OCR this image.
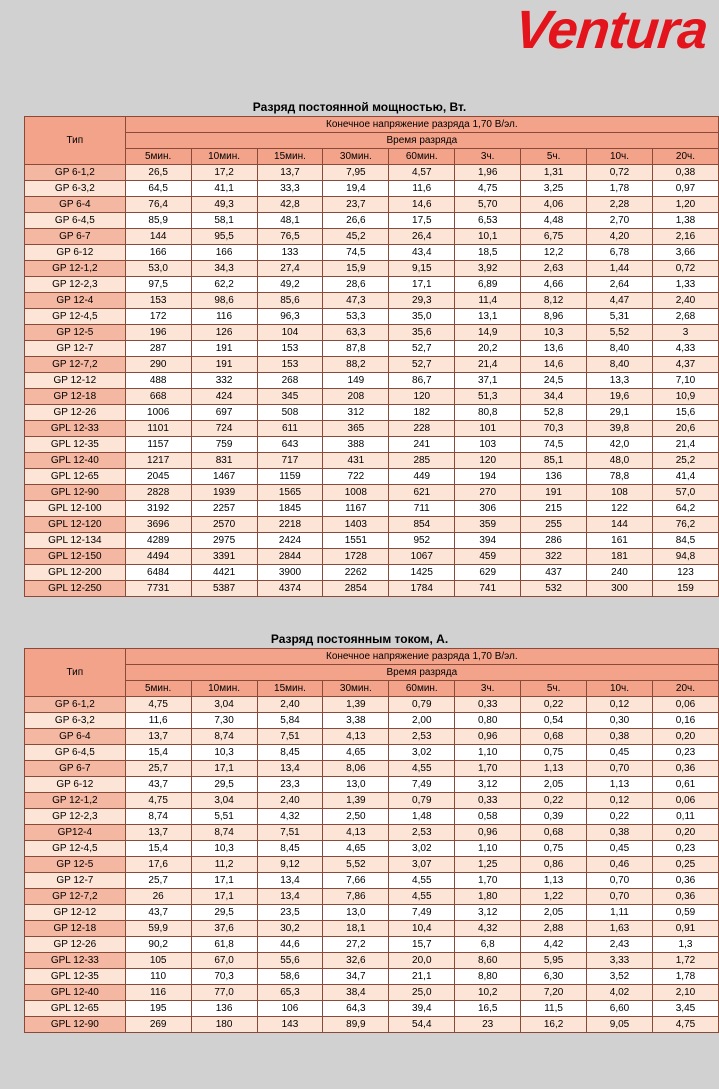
Ventura
Разряд постоянной мощностью, Вт.
Тип	Конечное напряжение разряда 1,70 В/эл.								
	Время разряда								
	5мин.	10мин.	15мин.	30мин.	60мин.	3ч.	5ч.	10ч.	20ч.
GP 6-1,2	26,5	17,2	13,7	7,95	4,57	1,96	1,31	0,72	0,38
GP 6-3,2	64,5	41,1	33,3	19,4	11,6	4,75	3,25	1,78	0,97
GP 6-4	76,4	49,3	42,8	23,7	14,6	5,70	4,06	2,28	1,20
GP 6-4,5	85,9	58,1	48,1	26,6	17,5	6,53	4,48	2,70	1,38
GP 6-7	144	95,5	76,5	45,2	26,4	10,1	6,75	4,20	2,16
GP 6-12	166	166	133	74,5	43,4	18,5	12,2	6,78	3,66
GP 12-1,2	53,0	34,3	27,4	15,9	9,15	3,92	2,63	1,44	0,72
GP 12-2,3	97,5	62,2	49,2	28,6	17,1	6,89	4,66	2,64	1,33
GP 12-4	153	98,6	85,6	47,3	29,3	11,4	8,12	4,47	2,40
GP 12-4,5	172	116	96,3	53,3	35,0	13,1	8,96	5,31	2,68
GP 12-5	196	126	104	63,3	35,6	14,9	10,3	5,52	3
GP 12-7	287	191	153	87,8	52,7	20,2	13,6	8,40	4,33
GP 12-7,2	290	191	153	88,2	52,7	21,4	14,6	8,40	4,37
GP 12-12	488	332	268	149	86,7	37,1	24,5	13,3	7,10
GP 12-18	668	424	345	208	120	51,3	34,4	19,6	10,9
GP 12-26	1006	697	508	312	182	80,8	52,8	29,1	15,6
GPL 12-33	1101	724	611	365	228	101	70,3	39,8	20,6
GPL 12-35	1157	759	643	388	241	103	74,5	42,0	21,4
GPL 12-40	1217	831	717	431	285	120	85,1	48,0	25,2
GPL 12-65	2045	1467	1159	722	449	194	136	78,8	41,4
GPL 12-90	2828	1939	1565	1008	621	270	191	108	57,0
GPL 12-100	3192	2257	1845	1167	711	306	215	122	64,2
GPL 12-120	3696	2570	2218	1403	854	359	255	144	76,2
GPL 12-134	4289	2975	2424	1551	952	394	286	161	84,5
GPL 12-150	4494	3391	2844	1728	1067	459	322	181	94,8
GPL 12-200	6484	4421	3900	2262	1425	629	437	240	123
GPL 12-250	7731	5387	4374	2854	1784	741	532	300	159
Разряд постоянным током, А.
Тип	Конечное напряжение разряда 1,70 В/эл.								
	Время разряда								
	5мин.	10мин.	15мин.	30мин.	60мин.	3ч.	5ч.	10ч.	20ч.
GP 6-1,2	4,75	3,04	2,40	1,39	0,79	0,33	0,22	0,12	0,06
GP 6-3,2	11,6	7,30	5,84	3,38	2,00	0,80	0,54	0,30	0,16
GP 6-4	13,7	8,74	7,51	4,13	2,53	0,96	0,68	0,38	0,20
GP 6-4,5	15,4	10,3	8,45	4,65	3,02	1,10	0,75	0,45	0,23
GP 6-7	25,7	17,1	13,4	8,06	4,55	1,70	1,13	0,70	0,36
GP 6-12	43,7	29,5	23,3	13,0	7,49	3,12	2,05	1,13	0,61
GP 12-1,2	4,75	3,04	2,40	1,39	0,79	0,33	0,22	0,12	0,06
GP 12-2,3	8,74	5,51	4,32	2,50	1,48	0,58	0,39	0,22	0,11
GP12-4	13,7	8,74	7,51	4,13	2,53	0,96	0,68	0,38	0,20
GP 12-4,5	15,4	10,3	8,45	4,65	3,02	1,10	0,75	0,45	0,23
GP 12-5	17,6	11,2	9,12	5,52	3,07	1,25	0,86	0,46	0,25
GP 12-7	25,7	17,1	13,4	7,66	4,55	1,70	1,13	0,70	0,36
GP 12-7,2	26	17,1	13,4	7,86	4,55	1,80	1,22	0,70	0,36
GP 12-12	43,7	29,5	23,5	13,0	7,49	3,12	2,05	1,11	0,59
GP 12-18	59,9	37,6	30,2	18,1	10,4	4,32	2,88	1,63	0,91
GP 12-26	90,2	61,8	44,6	27,2	15,7	6,8	4,42	2,43	1,3
GPL 12-33	105	67,0	55,6	32,6	20,0	8,60	5,95	3,33	1,72
GPL 12-35	110	70,3	58,6	34,7	21,1	8,80	6,30	3,52	1,78
GPL 12-40	116	77,0	65,3	38,4	25,0	10,2	7,20	4,02	2,10
GPL 12-65	195	136	106	64,3	39,4	16,5	11,5	6,60	3,45
GPL 12-90	269	180	143	89,9	54,4	23	16,2	9,05	4,75
